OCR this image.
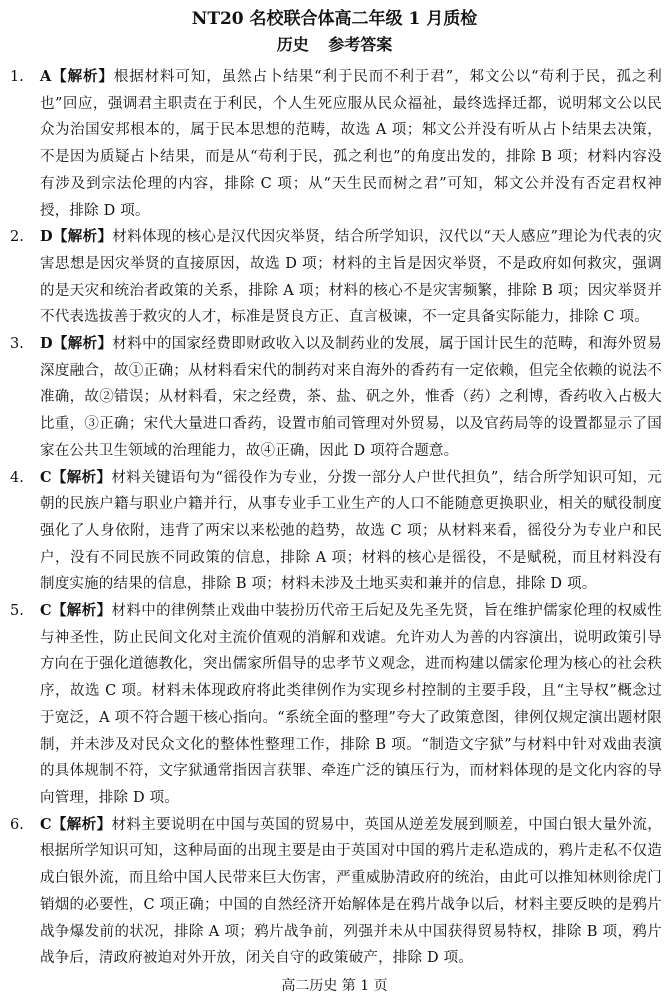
NT20 名校联合体高二年级 1 月质检
历史 参考答案
1.	A【解析】根据材料可知，虽然占卜结果“利于民而不利于君”，邾文公以“苟利于民，孤之利也”回应，强调君主职责在于利民，个人生死应服从民众福祉，最终选择迁都，说明邾文公以民众为治国安邦根本的，属于民本思想的范畴，故选 A 项；邾文公并没有听从占卜结果去决策，不是因为质疑占卜结果，而是从“苟利于民，孤之利也”的角度出发的，排除 B 项；材料内容没有涉及到宗法伦理的内容，排除 C 项；从“天生民而树之君”可知，邾文公并没有否定君权神授，排除 D 项。
2.	D【解析】材料体现的核心是汉代因灾举贤，结合所学知识，汉代以“天人感应”理论为代表的灾害思想是因灾举贤的直接原因，故选 D 项；材料的主旨是因灾举贤，不是政府如何救灾，强调的是天灾和统治者政策的关系，排除 A 项；材料的核心不是灾害频繁，排除 B 项；因灾举贤并不代表选拔善于救灾的人才，标准是贤良方正、直言极谏，不一定具备实际能力，排除 C 项。
3.	D【解析】材料中的国家经费即财政收入以及制药业的发展，属于国计民生的范畴，和海外贸易深度融合，故①正确；从材料看宋代的制药对来自海外的香药有一定依赖，但完全依赖的说法不准确，故②错误；从材料看，宋之经费，茶、盐、矾之外，惟香（药）之利博，香药收入占极大比重，③正确；宋代大量进口香药，设置市舶司管理对外贸易，以及官药局等的设置都显示了国家在公共卫生领域的治理能力，故④正确，因此 D 项符合题意。
4.	C【解析】材料关键语句为“徭役作为专业，分拨一部分人户世代担负”，结合所学知识可知，元朝的民族户籍与职业户籍并行，从事专业手工业生产的人口不能随意更换职业，相关的赋役制度强化了人身依附，违背了两宋以来松弛的趋势，故选 C 项；从材料来看，徭役分为专业户和民户，没有不同民族不同政策的信息，排除 A 项；材料的核心是徭役，不是赋税，而且材料没有制度实施的结果的信息，排除 B 项；材料未涉及土地买卖和兼并的信息，排除 D 项。
5.	C【解析】材料中的律例禁止戏曲中装扮历代帝王后妃及先圣先贤，旨在维护儒家伦理的权威性与神圣性，防止民间文化对主流价值观的消解和戏谑。允许劝人为善的内容演出，说明政策引导方向在于强化道德教化，突出儒家所倡导的忠孝节义观念，进而构建以儒家伦理为核心的社会秩序，故选 C 项。材料未体现政府将此类律例作为实现乡村控制的主要手段，且“主导权”概念过于宽泛，A 项不符合题干核心指向。“系统全面的整理”夸大了政策意图，律例仅规定演出题材限制，并未涉及对民众文化的整体性整理工作，排除 B 项。“制造文字狱”与材料中针对戏曲表演的具体规制不符，文字狱通常指因言获罪、牵连广泛的镇压行为，而材料体现的是文化内容的导向管理，排除 D 项。
6.	C【解析】材料主要说明在中国与英国的贸易中，英国从逆差发展到顺差，中国白银大量外流，根据所学知识可知，这种局面的出现主要是由于英国对中国的鸦片走私造成的，鸦片走私不仅造成白银外流，而且给中国人民带来巨大伤害，严重威胁清政府的统治，由此可以推知林则徐虎门销烟的必要性，C 项正确；中国的自然经济开始解体是在鸦片战争以后，材料主要反映的是鸦片战争爆发前的状况，排除 A 项；鸦片战争前，列强并未从中国获得贸易特权，排除 B 项，鸦片战争后，清政府被迫对外开放，闭关自守的政策破产，排除 D 项。
高二历史 第 1 页
